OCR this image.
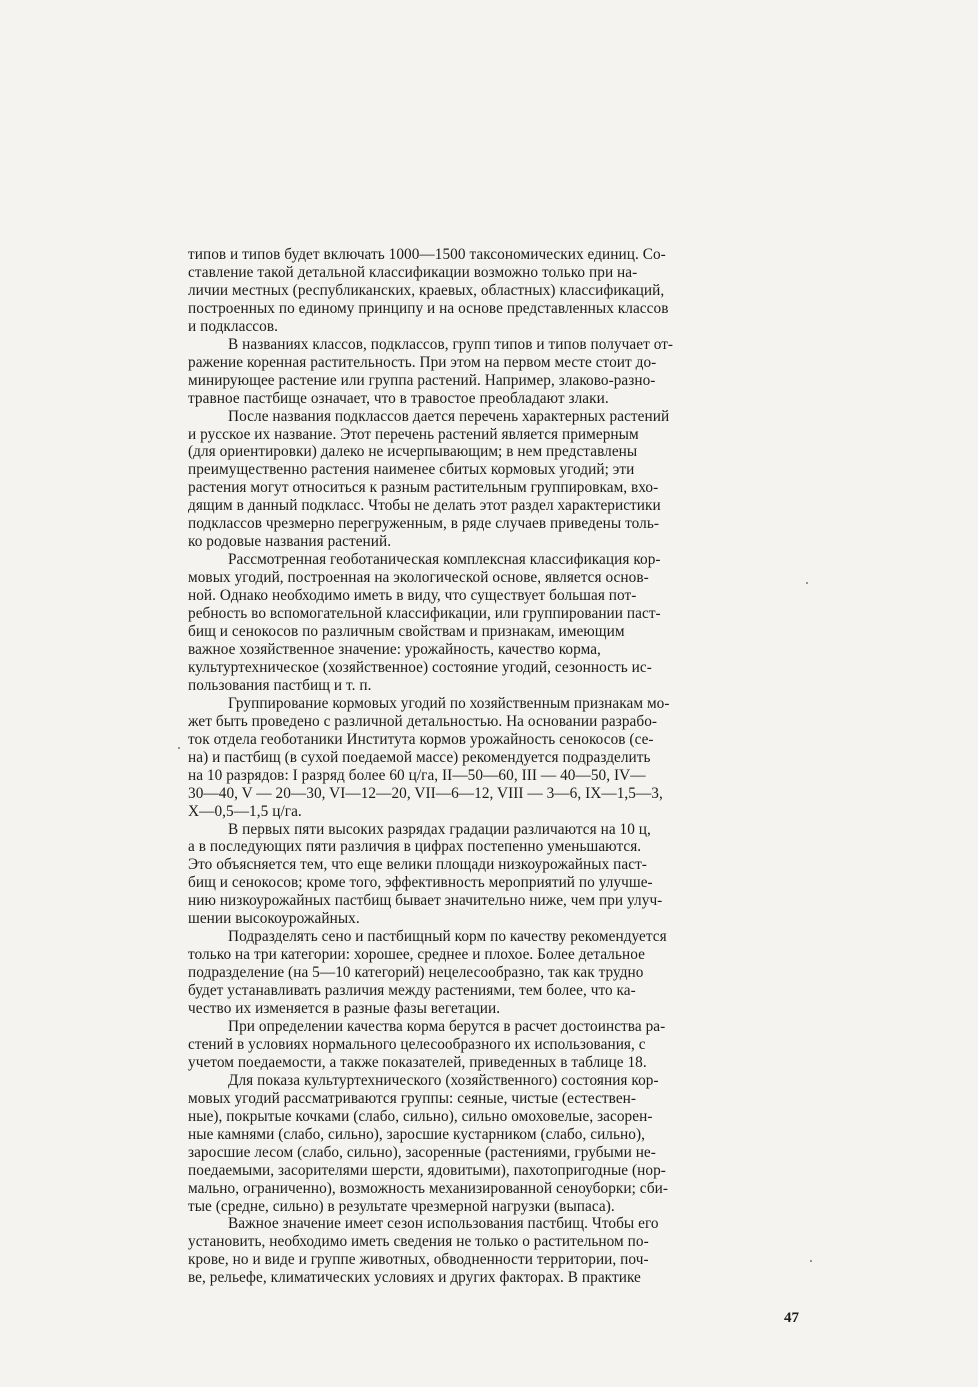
типов и типов будет включать 1000—1500 таксономических единиц. Со-
ставление такой детальной классификации возможно только при на-
личии местных (республиканских, краевых, областных) классификаций,
построенных по единому принципу и на основе представленных классов
и подклассов.

В названиях классов, подклассов, групп типов и типов получает от-
ражение коренная растительность. При этом на первом месте стоит до-
минирующее растение или группа растений. Например, злаково-разно-
травное пастбище означает, что в травостое преобладают злаки.

После названия подклассов дается перечень характерных растений
и русское их название. Этот перечень растений является примерным
(для ориентировки) далеко не исчерпывающим; в нем представлены
преимущественно растения наименее сбитых кормовых угодий; эти
растения могут относиться к разным растительным группировкам, вхо-
дящим в данный подкласс. Чтобы не делать этот раздел характеристики
подклассов чрезмерно перегруженным, в ряде случаев приведены толь-
ко родовые названия растений.

Рассмотренная геоботаническая комплексная классификация кор-
мовых угодий, построенная на экологической основе, является основ-
ной. Однако необходимо иметь в виду, что существует большая пот-
ребность во вспомогательной классификации, или группировании паст-
бищ и сенокосов по различным свойствам и признакам, имеющим
важное хозяйственное значение: урожайность, качество корма,
культуртехническое (хозяйственное) состояние угодий, сезонность ис-
пользования пастбищ и т. п.

Группирование кормовых угодий по хозяйственным признакам мо-
жет быть проведено с различной детальностью. На основании разрабо-
ток отдела геоботаники Института кормов урожайность сенокосов (се-
на) и пастбищ (в сухой поедаемой массе) рекомендуется подразделить
на 10 разрядов: I разряд более 60 ц/га, II—50—60, III — 40—50, IV—
30—40, V — 20—30, VI—12—20, VII—6—12, VIII — 3—6, IX—1,5—3,
X—0,5—1,5 ц/га.

В первых пяти высоких разрядах градации различаются на 10 ц,
а в последующих пяти различия в цифрах постепенно уменьшаются.
Это объясняется тем, что еще велики площади низкоурожайных паст-
бищ и сенокосов; кроме того, эффективность мероприятий по улучше-
нию низкоурожайных пастбищ бывает значительно ниже, чем при улуч-
шении высокоурожайных.

Подразделять сено и пастбищный корм по качеству рекомендуется
только на три категории: хорошее, среднее и плохое. Более детальное
подразделение (на 5—10 категорий) нецелесообразно, так как трудно
будет устанавливать различия между растениями, тем более, что ка-
чество их изменяется в разные фазы вегетации.

При определении качества корма берутся в расчет достоинства ра-
стений в условиях нормального целесообразного их использования, с
учетом поедаемости, а также показателей, приведенных в таблице 18.

Для показа культуртехнического (хозяйственного) состояния кор-
мовых угодий рассматриваются группы: сеяные, чистые (естествен-
ные), покрытые кочками (слабо, сильно), сильно омоховелые, засорен-
ные камнями (слабо, сильно), заросшие кустарником (слабо, сильно),
заросшие лесом (слабо, сильно), засоренные (растениями, грубыми не-
поедаемыми, засорителями шерсти, ядовитыми), пахотопригодные (нор-
мально, ограниченно), возможность механизированной сеноуборки; сби-
тые (средне, сильно) в результате чрезмерной нагрузки (выпаса).

Важное значение имеет сезон использования пастбищ. Чтобы его
установить, необходимо иметь сведения не только о растительном по-
крове, но и виде и группе животных, обводненности территории, поч-
ве, рельефе, климатических условиях и других факторах. В практике

47
